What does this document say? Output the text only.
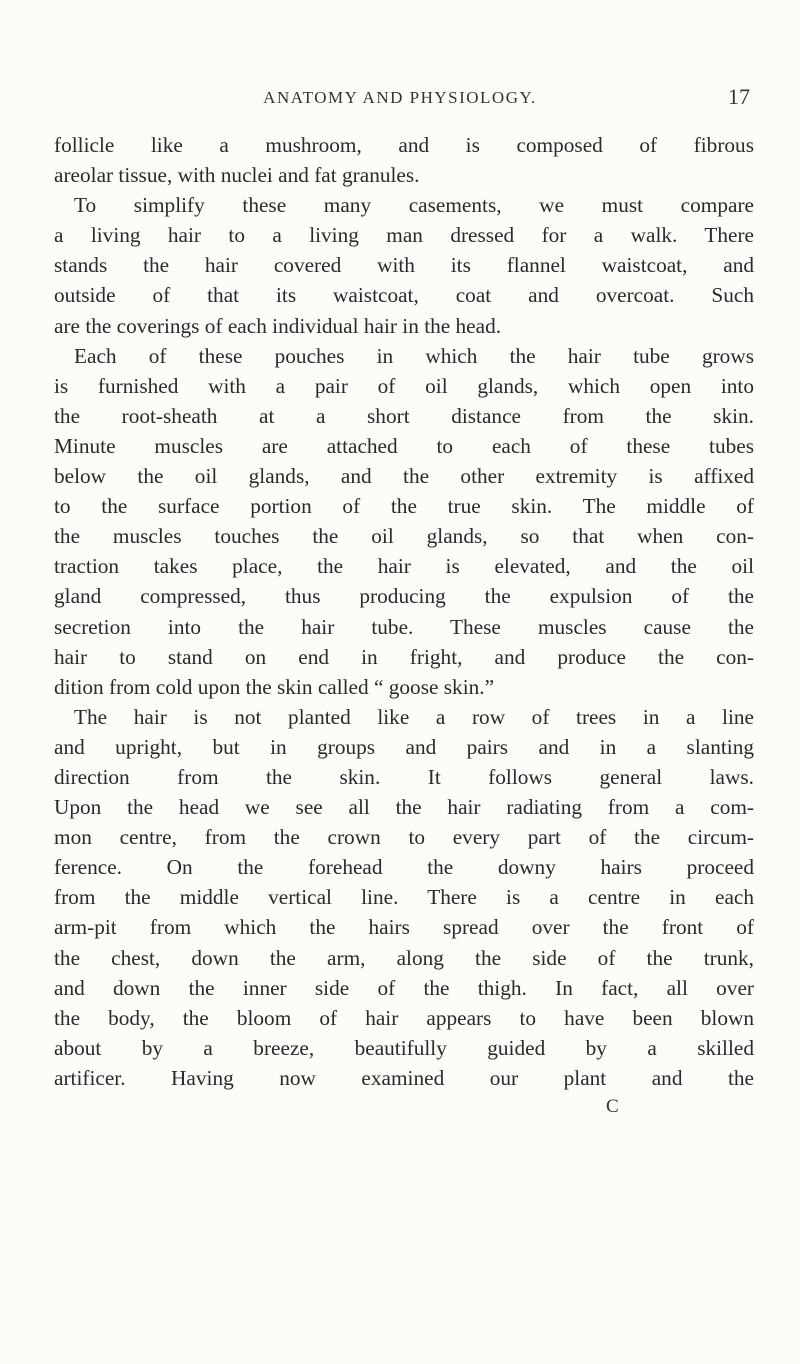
ANATOMY AND PHYSIOLOGY.	17
follicle like a mushroom, and is composed of fibrous
areolar tissue, with nuclei and fat granules.
To simplify these many casements, we must compare
a living hair to a living man dressed for a walk. There
stands the hair covered with its flannel waistcoat, and
outside of that its waistcoat, coat and overcoat. Such
are the coverings of each individual hair in the head.
Each of these pouches in which the hair tube grows
is furnished with a pair of oil glands, which open into
the root-sheath at a short distance from the skin.
Minute muscles are attached to each of these tubes
below the oil glands, and the other extremity is affixed
to the surface portion of the true skin. The middle of
the muscles touches the oil glands, so that when con-
traction takes place, the hair is elevated, and the oil
gland compressed, thus producing the expulsion of the
secretion into the hair tube. These muscles cause the
hair to stand on end in fright, and produce the con-
dition from cold upon the skin called “ goose skin.”
The hair is not planted like a row of trees in a line
and upright, but in groups and pairs and in a slanting
direction from the skin. It follows general laws.
Upon the head we see all the hair radiating from a com-
mon centre, from the crown to every part of the circum-
ference. On the forehead the downy hairs proceed
from the middle vertical line. There is a centre in each
arm-pit from which the hairs spread over the front of
the chest, down the arm, along the side of the trunk,
and down the inner side of the thigh. In fact, all over
the body, the bloom of hair appears to have been blown
about by a breeze, beautifully guided by a skilled
artificer. Having now examined our plant and the
C
